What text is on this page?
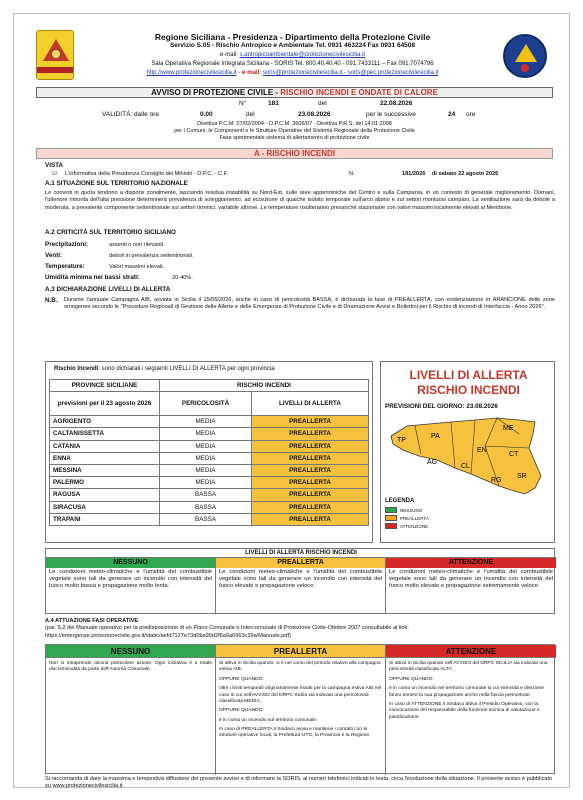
Regione Siciliana - Presidenza - Dipartimento della Protezione Civile
Servizio S.05 - Rischio Antropico e Ambientale Tel. 0931 463224 Fax 0931 64508
e-mail: s.antropicoambientale@protezionecivilesicilia.it
Sala Operativa Regionale Integrata Siciliana - SORIS Tel. 800.40.40.40 - 091.7433111 – Fax 091.7074796
http://www.protezionecivilesicilia.it - e-mail: soris@protezionecivilesicilia.it - soris@pec.protezionecivilesicilia.it
AVVISO DI PROTEZIONE CIVILE - RISCHIO INCENDI E ONDATE DI CALORE
N°	181	del	22.08.2026
VALIDITÀ: dalle ore	0.00	del	23.08.2026	per le successive	24 ore
Direttiva P.C.M. 27/02/2004 - O.P.C.M. 3606/07 - Direttiva P.R.S. del 14.01.2008
per i Comuni, le Componenti e le Strutture Operative del Sistema Regionale della Protezione Civile
Fase sperimentale sistema di allertamento di protezione civile
A - RISCHIO INCENDI
VISTA
☑ L'informativa della Presidenza Consiglio dei Ministri - D.P.C. - C.F.	N.	181/2026 di sabato 22 agosto 2026
A.1 SITUAZIONE SUL TERRITORIO NAZIONALE
Le correnti in quota tendono a disporsi zonalmente, lasciando residua instabilità su Nord-Est, sulle aree appenniniche del Centro e sulla Campania, in un contesto di generale miglioramento. Domani, l'ulteriore rimonta dell'alta pressione determinerà prevalenza di soleggiamento, ad eccezione di qualche isolato temporale sull'arco alpino e sui settori montuosi campani. La ventilazione sarà da debole a moderata, a prevalente componente settentrionale sui settori tirrenici, variabile altrove. Le temperature risulteranno pressoché stazionarie con valori massimi localmente elevati al Meridione.
A.2 CRITICITÀ SUL TERRITORIO SICILIANO
Precipitazioni:	assenti o non rilevanti.
Venti:	deboli in prevalenza settentrionali.
Temperature:	Valori massimi elevati.
Umidità minima nei bassi strati:	20-40%.
A.3 DICHIARAZIONE LIVELLI DI ALLERTA
N.B. Durante l'annuale Campagna AIB, avviata in Sicilia il 15/05/2026, anche in caso di pericolosità BASSA, è dichiarata la fase di PREALLERTA, con evidenziazione in ARANCIONE delle zone omogenee secondo le "Procedure Regionali di Gestione delle Allerte e delle Emergenze di Protezione Civile e di Diramazione Avvisi e Bollettini per il Rischio di incendi di Interfaccia - Anno 2026".
Rischio Incendi: sono dichiarati i seguenti LIVELLI DI ALLERTA per ogni provincia
PROVINCE SICILIANE	RISCHIO INCENDI	
previsioni per il 23 agosto 2026	PERICOLOSITÀ	LIVELLI DI ALLERTA
AGRIGENTO	MEDIA	PREALLERTA
CALTANISSETTA	MEDIA	PREALLERTA
CATANIA	MEDIA	PREALLERTA
ENNA	MEDIA	PREALLERTA
MESSINA	MEDIA	PREALLERTA
PALERMO	MEDIA	PREALLERTA
RAGUSA	BASSA	PREALLERTA
SIRACUSA	BASSA	PREALLERTA
TRAPANI	BASSA	PREALLERTA
LIVELLI DI ALLERTA
RISCHIO INCENDI
PREVISIONI DEL GIORNO: 23.08.2026
TP
PA
ME
AG
CL
EN
CT
RG
SR
LEGENDA
NESSUNO
PREALLERTA
ATTENZIONE
LIVELLI DI ALLERTA RISCHIO INCENDI
NESSUNO
Le condizioni meteo-climatiche e l'umidità del combustibile vegetale sono tali da generare un incendio con intensità del fuoco molto bassa e propagazione molto lenta.
PREALLERTA
Le condizioni meteo-climatiche e l'umidità del combustibile vegetale sono tali da generare un incendio con intensità del fuoco elevate e propagazione veloce.
ATTENZIONE
Le condizioni meteo-climatiche e l'umidità del combustibile vegetale sono tali da generare un incendio con intensità del fuoco molto elevate e propagazione estremamente veloce.
A.4 ATTUAZIONE FASI OPERATIVE
(par. 5.2 del Manuale operativo per la predisposizione di un Piano Comunale o Intercomunale di Protezione Civile-Ottobre 2007 consultabile al link:
https://emergenze.protezionecivile.gov.it/static/aefd7127e73d0ba99d2f6a9a6963c39a/Manuale.pdf)
NESSUNO
Non si intraprende alcuna particolare azione. Ogni iniziativa è a totale discrezionalità da parte dell'Autorità Comunale.
PREALLERTA

Si attiva in Sicilia quando: si è nel corso del periodo relativo alla campagna estiva AIB.

OPPURE QUANDO:

oltre i limiti temporali originariamente fissati per la campagna estiva AIB nel caso in cui nell'AVVISO del DRPC Sicilia sia indicata una pericolosità classificata MEDIA;

OPPURE QUANDO:

è in corso un incendio sul territorio comunale.

In caso di PREALLERTA il Sindaco avvia e mantiene i contatti con le strutture operative locali, la Prefettura-UTG, la Provincia e la Regione.

ATTENZIONE

Si attiva in Sicilia quando nell'AVVISO del DRPC SICILIA sia indicata una pericolosità classificata ALTA;

OPPURE QUANDO:

è in corso un incendio nel territorio comunale la cui intensità e direzione fanno temere la sua propagazione anche nella fascia perimetrale.

In caso di ATTENZIONE il Sindaco attiva il Presidio Operativo, con la convocazione del responsabile della funzione tecnica di valutazione e pianificazione.

Si raccomanda di dare la massima e tempestiva diffusione del presente avviso e di informare la SORIS, ai numeri telefonici indicati in testa, circa l'evoluzione della situazione. Il presente avviso è pubblicato su www.protezionecivilesicilia.it
